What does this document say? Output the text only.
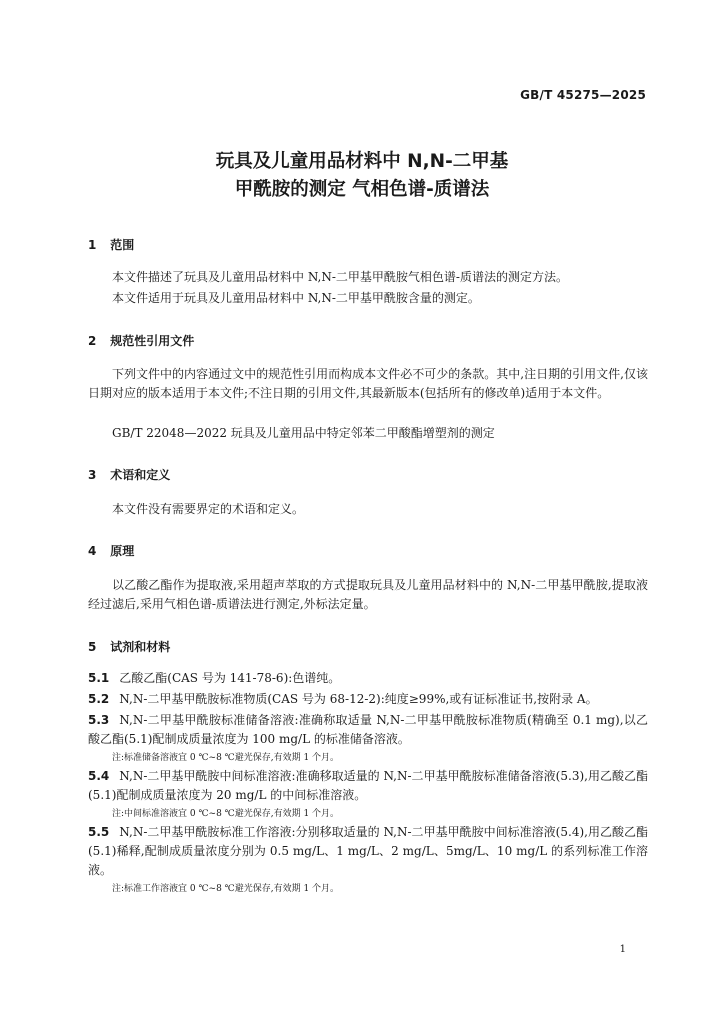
GB/T 45275—2025
玩具及儿童用品材料中 N,N-二甲基
甲酰胺的测定 气相色谱-质谱法
1 范围
本文件描述了玩具及儿童用品材料中 N,N-二甲基甲酰胺气相色谱-质谱法的测定方法。
本文件适用于玩具及儿童用品材料中 N,N-二甲基甲酰胺含量的测定。
2 规范性引用文件
下列文件中的内容通过文中的规范性引用而构成本文件必不可少的条款。其中,注日期的引用文件,仅该日期对应的版本适用于本文件;不注日期的引用文件,其最新版本(包括所有的修改单)适用于本文件。
GB/T 22048—2022 玩具及儿童用品中特定邻苯二甲酸酯增塑剂的测定
3 术语和定义
本文件没有需要界定的术语和定义。
4 原理
以乙酸乙酯作为提取液,采用超声萃取的方式提取玩具及儿童用品材料中的 N,N-二甲基甲酰胺,提取液经过滤后,采用气相色谱-质谱法进行测定,外标法定量。
5 试剂和材料
5.1 乙酸乙酯(CAS 号为 141-78-6):色谱纯。
5.2 N,N-二甲基甲酰胺标准物质(CAS 号为 68-12-2):纯度≥99%,或有证标准证书,按附录 A。
5.3 N,N-二甲基甲酰胺标准储备溶液:准确称取适量 N,N-二甲基甲酰胺标准物质(精确至 0.1 mg),以乙酸乙酯(5.1)配制成质量浓度为 100 mg/L 的标准储备溶液。
注:标准储备溶液宜 0 ℃~8 ℃避光保存,有效期 1 个月。
5.4 N,N-二甲基甲酰胺中间标准溶液:准确移取适量的 N,N-二甲基甲酰胺标准储备溶液(5.3),用乙酸乙酯(5.1)配制成质量浓度为 20 mg/L 的中间标准溶液。
注:中间标准溶液宜 0 ℃~8 ℃避光保存,有效期 1 个月。
5.5 N,N-二甲基甲酰胺标准工作溶液:分别移取适量的 N,N-二甲基甲酰胺中间标准溶液(5.4),用乙酸乙酯(5.1)稀释,配制成质量浓度分别为 0.5 mg/L、1 mg/L、2 mg/L、5mg/L、10 mg/L 的系列标准工作溶液。
注:标准工作溶液宜 0 ℃~8 ℃避光保存,有效期 1 个月。
1
